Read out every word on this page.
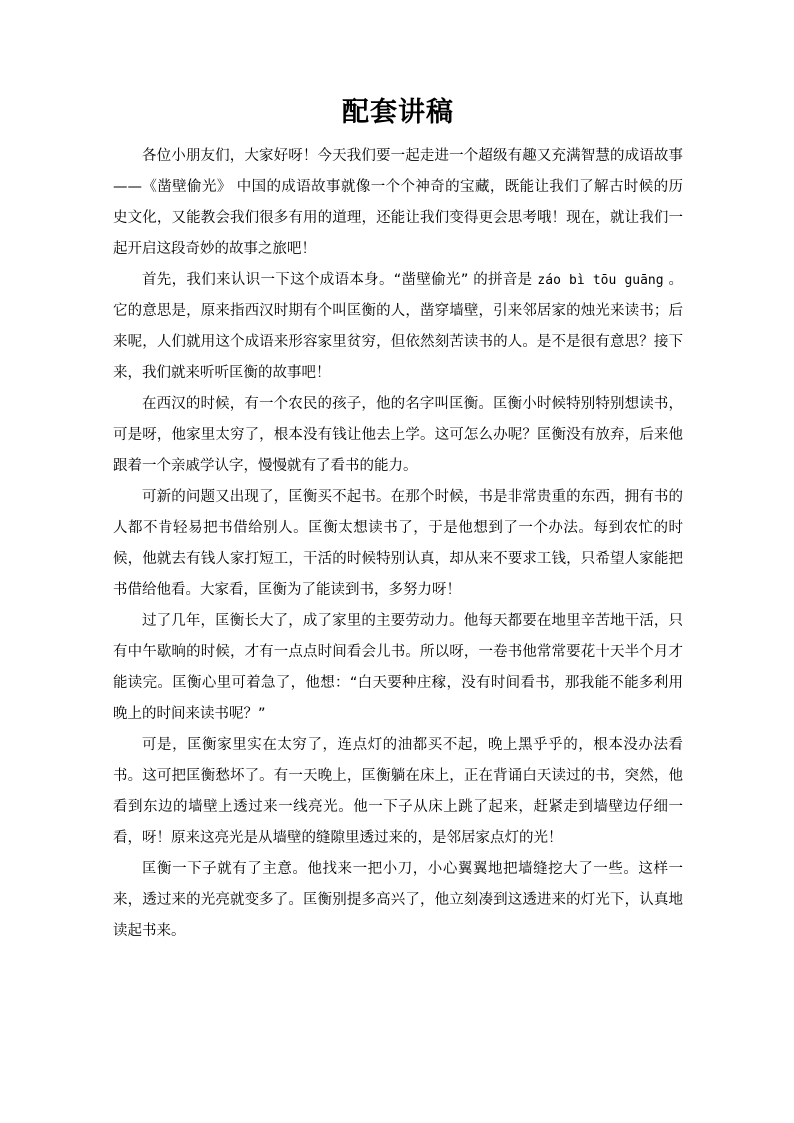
配套讲稿

各位小朋友们，大家好呀！今天我们要一起走进一个超级有趣又充满智慧的成语故事 ——《凿壁偷光》 中国的成语故事就像一个个神奇的宝藏，既能让我们了解古时候的历史文化，又能教会我们很多有用的道理，还能让我们变得更会思考哦！现在，就让我们一起开启这段奇妙的故事之旅吧！

首先，我们来认识一下这个成语本身。“凿壁偷光” 的拼音是 záo bì tōu guāng 。它的意思是，原来指西汉时期有个叫匡衡的人，凿穿墙壁，引来邻居家的烛光来读书；后来呢，人们就用这个成语来形容家里贫穷，但依然刻苦读书的人。是不是很有意思？接下来，我们就来听听匡衡的故事吧！

在西汉的时候，有一个农民的孩子，他的名字叫匡衡。匡衡小时候特别特别想读书，可是呀，他家里太穷了，根本没有钱让他去上学。这可怎么办呢？匡衡没有放弃，后来他跟着一个亲戚学认字，慢慢就有了看书的能力。

可新的问题又出现了，匡衡买不起书。在那个时候，书是非常贵重的东西，拥有书的人都不肯轻易把书借给别人。匡衡太想读书了，于是他想到了一个办法。每到农忙的时候，他就去有钱人家打短工，干活的时候特别认真，却从来不要求工钱，只希望人家能把书借给他看。大家看，匡衡为了能读到书，多努力呀！

过了几年，匡衡长大了，成了家里的主要劳动力。他每天都要在地里辛苦地干活，只有中午歇晌的时候，才有一点点时间看会儿书。所以呀，一卷书他常常要花十天半个月才能读完。匡衡心里可着急了，他想：“白天要种庄稼，没有时间看书，那我能不能多利用晚上的时间来读书呢？”

可是，匡衡家里实在太穷了，连点灯的油都买不起，晚上黑乎乎的，根本没办法看书。这可把匡衡愁坏了。有一天晚上，匡衡躺在床上，正在背诵白天读过的书，突然，他看到东边的墙壁上透过来一线亮光。他一下子从床上跳了起来，赶紧走到墙壁边仔细一看，呀！原来这亮光是从墙壁的缝隙里透过来的，是邻居家点灯的光！

匡衡一下子就有了主意。他找来一把小刀，小心翼翼地把墙缝挖大了一些。这样一来，透过来的光亮就变多了。匡衡别提多高兴了，他立刻凑到这透进来的灯光下，认真地读起书来。
